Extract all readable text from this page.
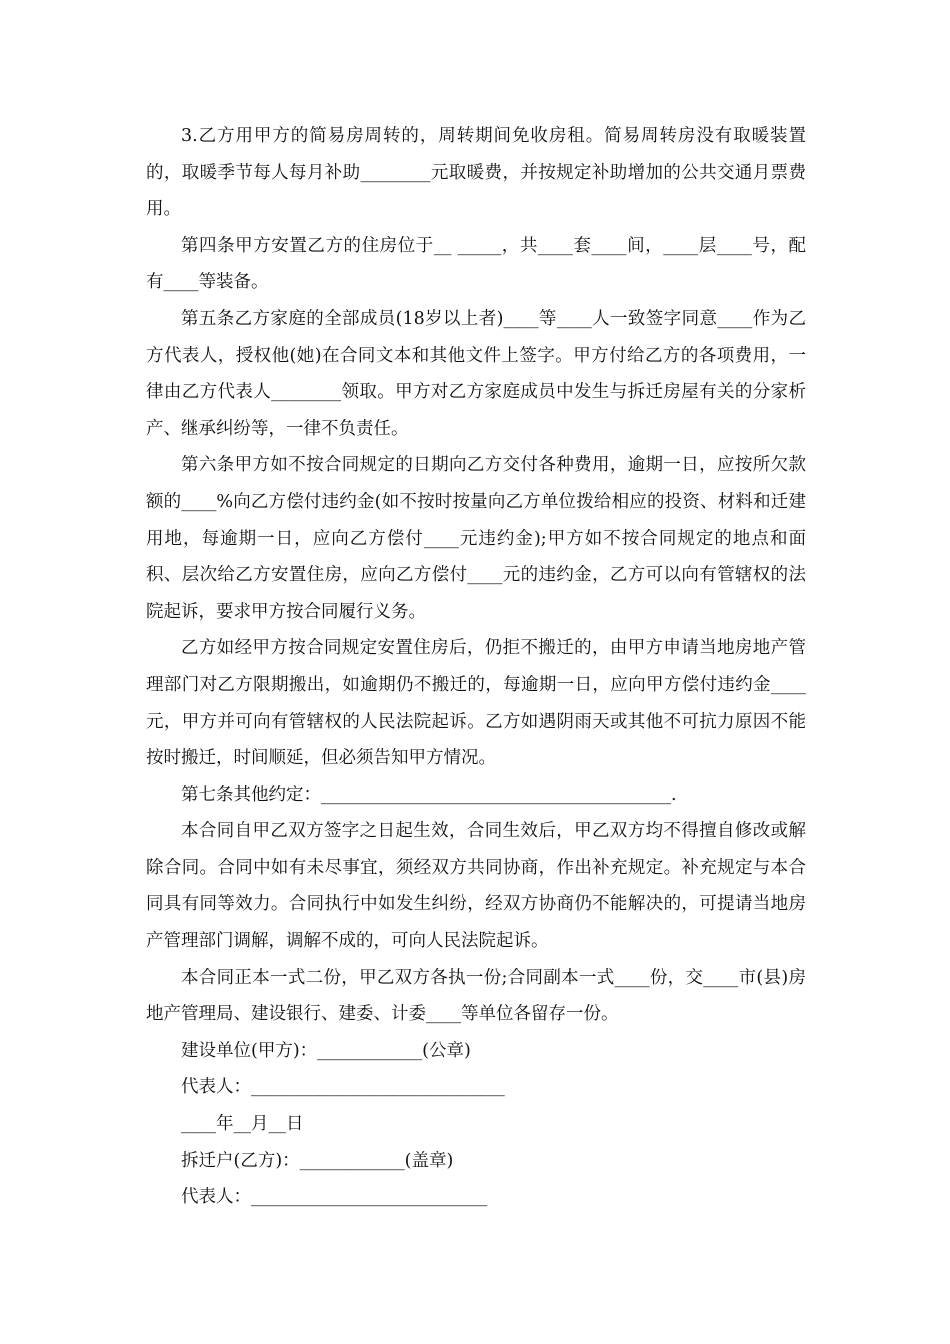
3.乙方用甲方的简易房周转的，周转期间免收房租。简易周转房没有取暖装置的，取暖季节每人每月补助________元取暖费，并按规定补助增加的公共交通月票费用。

第四条甲方安置乙方的住房位于__ _____，共____套____间，____层____号，配有____等装备。

第五条乙方家庭的全部成员(18岁以上者)____等____人一致签字同意____作为乙方代表人，授权他(她)在合同文本和其他文件上签字。甲方付给乙方的各项费用，一律由乙方代表人________领取。甲方对乙方家庭成员中发生与拆迁房屋有关的分家析产、继承纠纷等，一律不负责任。

第六条甲方如不按合同规定的日期向乙方交付各种费用，逾期一日，应按所欠款额的____%向乙方偿付违约金(如不按时按量向乙方单位拨给相应的投资、材料和迁建用地，每逾期一日，应向乙方偿付____元违约金);甲方如不按合同规定的地点和面积、层次给乙方安置住房，应向乙方偿付____元的违约金，乙方可以向有管辖权的法院起诉，要求甲方按合同履行义务。

乙方如经甲方按合同规定安置住房后，仍拒不搬迁的，由甲方申请当地房地产管理部门对乙方限期搬出，如逾期仍不搬迁的，每逾期一日，应向甲方偿付违约金____元，甲方并可向有管辖权的人民法院起诉。乙方如遇阴雨天或其他不可抗力原因不能按时搬迁，时间顺延，但必须告知甲方情况。

第七条其他约定：________________________________________.

本合同自甲乙双方签字之日起生效，合同生效后，甲乙双方均不得擅自修改或解除合同。合同中如有未尽事宜，须经双方共同协商，作出补充规定。补充规定与本合同具有同等效力。合同执行中如发生纠纷，经双方协商仍不能解决的，可提请当地房产管理部门调解，调解不成的，可向人民法院起诉。

本合同正本一式二份，甲乙双方各执一份;合同副本一式____份，交____市(县)房地产管理局、建设银行、建委、计委____等单位各留存一份。

建设单位(甲方)：____________(公章)

代表人：_____________________________

____年__月__日

拆迁户(乙方)：____________(盖章)

代表人：___________________________
